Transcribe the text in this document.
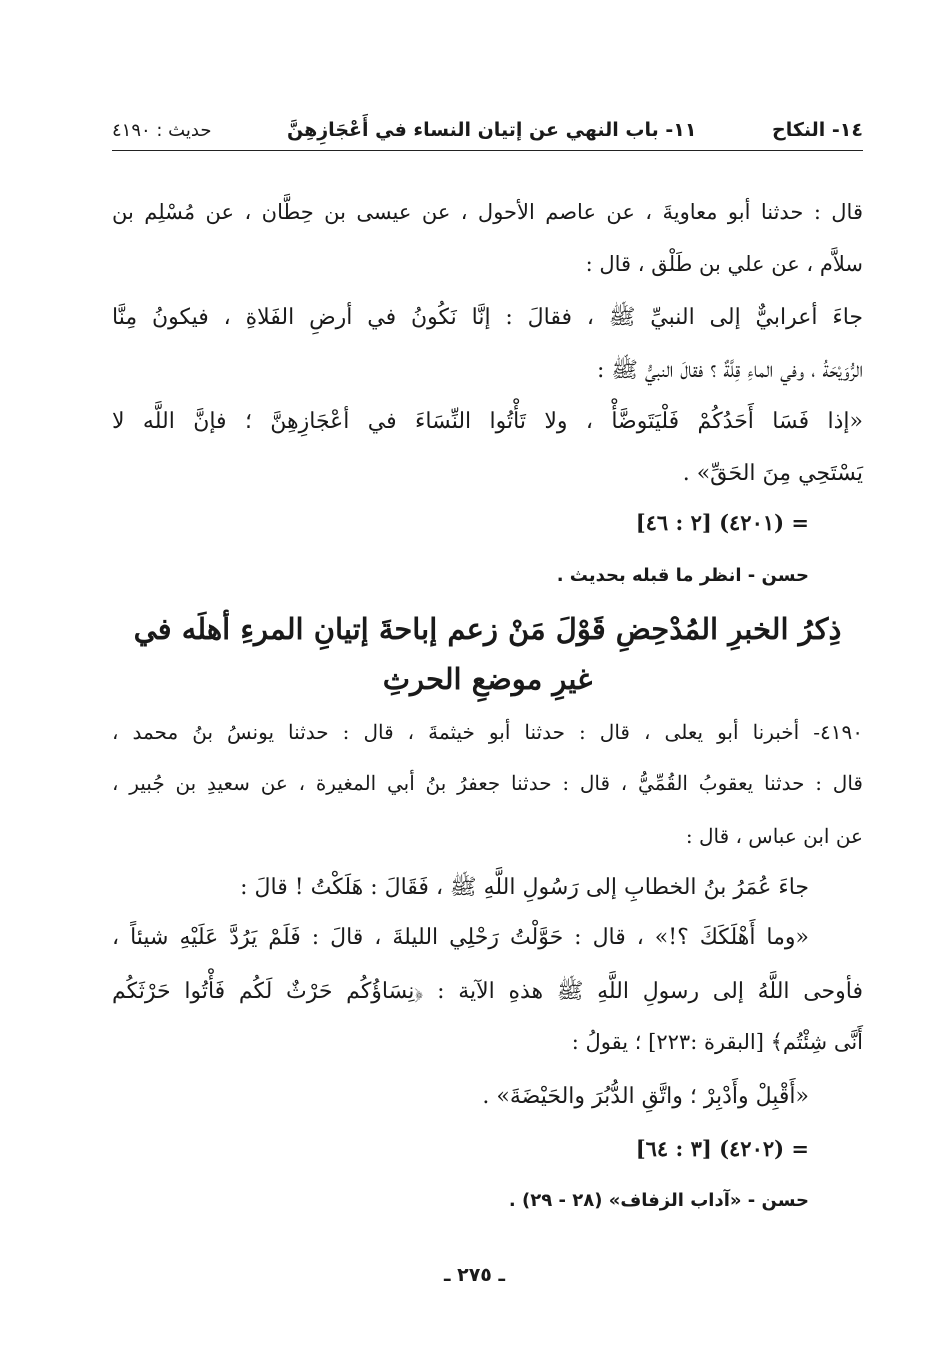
١٤- النكاح
١١- باب النهي عن إتيان النساء في أَعْجَازِهِنَّ
حديث : ٤١٩٠
قال : حدثنا أبو معاويةَ ، عن عاصم الأحول ، عن عيسى بن حِطَّان ، عن مُسْلِم بن
سلاَّم ، عن علي بن طَلْق ، قال :
جاءَ أعرابيٌّ إلى النبيِّ ﷺ ، فقالَ : إنَّا نَكُونُ في أرضِ الفَلاةِ ، فيكونُ مِنَّا
الرُّوَيْحَةُ ، وفي الماءِ قِلَّةٌ ؟ فقالَ النبيُّ ﷺ :
«إذا فَسَا أَحَدُكُمْ فَلْيَتَوضَّأْ ، ولا تَأْتُوا النِّسَاءَ في أعْجَازِهِنَّ ؛ فإنَّ اللَّه لا
يَسْتَحِي مِنَ الحَقِّ» .
= (٤٢٠١) [٢ : ٤٦]
حسن - انظر ما قبله بحديث .
ذِكرُ الخبرِ المُدْحِضِ قَوْلَ مَنْ زعم إباحةَ إتيانِ المرءِ أهلَه في
غيرِ موضعِ الحرثِ
٤١٩٠- أخبرنا أبو يعلى ، قال : حدثنا أبو خيثمةَ ، قال : حدثنا يونسُ بنُ محمد ،
قال : حدثنا يعقوبُ القُمِّيُّ ، قال : حدثنا جعفرُ بنُ أبي المغيرة ، عن سعيدِ بن جُبير ،
عن ابن عباس ، قال :
جاءَ عُمَرُ بنُ الخطابِ إلى رَسُولِ اللَّهِ ﷺ ، فَقَالَ : هَلَكْتُ ! قالَ :
«وما أَهْلَكَكَ ؟!» ، قال : حَوَّلْتُ رَحْلِي الليلةَ ، قالَ : فَلَمْ يَرُدَّ عَلَيْهِ شيئاً ،
فأوحى اللَّهُ إلى رسولِ اللَّهِ ﷺ هذهِ الآية : ﴿نِسَاؤُكُم حَرْثٌ لَكُم فَأْتُوا حَرْثَكُم
أَنَّى شِئْتُم﴾ [البقرة :٢٢٣] ؛ يقولُ :
«أَقْبِلْ وأَدْبِرْ ؛ واتَّقِ الدُّبُرَ والحَيْضَةَ» .
= (٤٢٠٢) [٣ : ٦٤]
حسن - «آداب الزفاف» (٢٨ - ٢٩) .
ـ ٢٧٥ ـ
